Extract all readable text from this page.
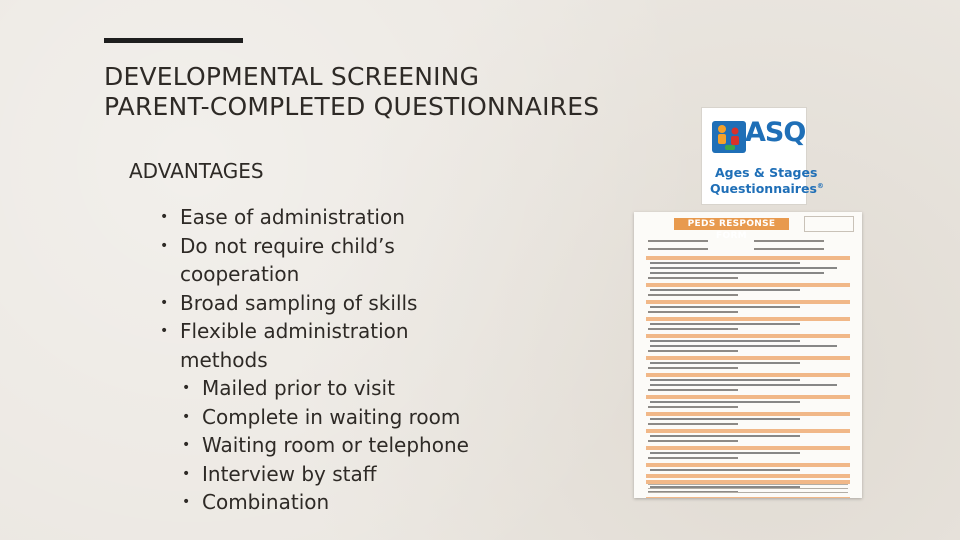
DEVELOPMENTAL SCREENING
PARENT-COMPLETED QUESTIONNAIRES
ADVANTAGES
• Ease of administration
• Do not require child’s cooperation
• Broad sampling of skills
• Flexible administration methods
• Mailed prior to visit
• Complete in waiting room
• Waiting room or telephone
• Interview by staff
• Combination
ASQ
Ages & Stages
Questionnaires®
PEDS RESPONSE FORM
